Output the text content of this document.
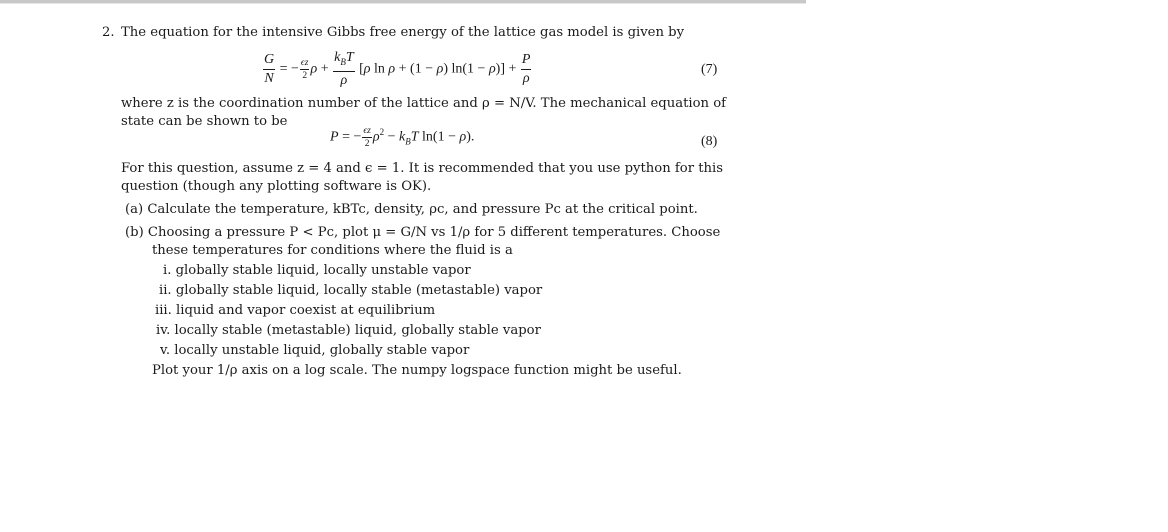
2. The equation for the intensive Gibbs free energy of the lattice gas model is given by
$\frac{G}{N}$ = − $\frac{\epsilon z}{2}$ $\rho + \frac{k_BT}{\rho} [\rho$ ln ρ + (1 − ρ) $\ln(1 - \rho)] + \frac{P}{\rho}$	(7)
where z is the coordination number of the lattice and ρ = N/V. The mechanical equation of
state can be shown to be
P = − $\frac{\epsilon z}{2} \rho^2 - k_BT$ ln(1 − ρ).	(8)
For this question, assume z = 4 and ϵ = 1. It is recommended that you use python for this
question (though any plotting software is OK).
(a) Calculate the temperature, kBTc, density, ρc, and pressure Pc at the critical point.
(b) Choosing a pressure P < Pc, plot μ = G/N vs 1/ρ for 5 different temperatures. Choose
these temperatures for conditions where the fluid is a
i. globally stable liquid, locally unstable vapor
ii. globally stable liquid, locally stable (metastable) vapor
iii. liquid and vapor coexist at equilibrium
iv. locally stable (metastable) liquid, globally stable vapor
v. locally unstable liquid, globally stable vapor
Plot your 1/ρ axis on a log scale. The numpy logspace function might be useful.
